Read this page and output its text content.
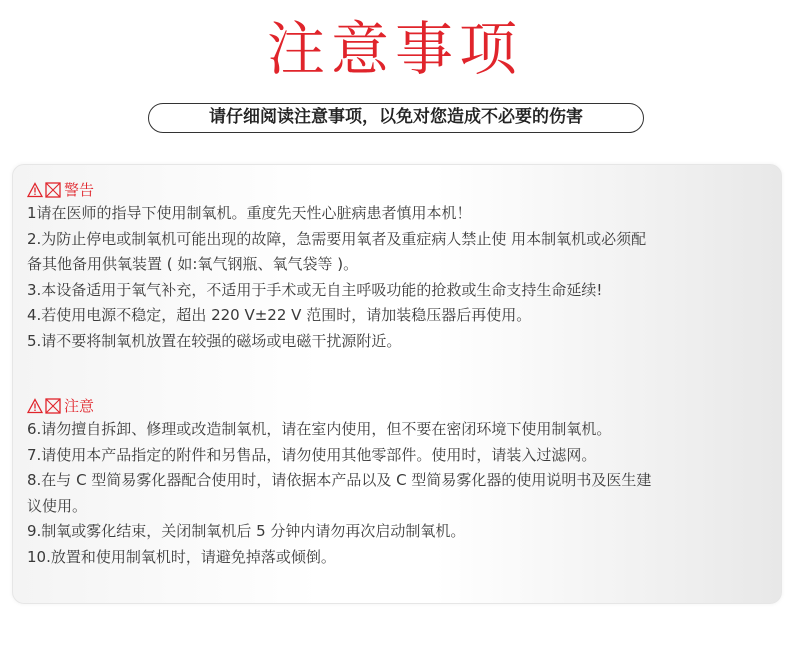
注意事项
请仔细阅读注意事项，以免对您造成不必要的伤害
警告
1请在医师的指导下使用制氧机。重度先天性心脏病患者慎用本机！
2.为防止停电或制氧机可能出现的故障，急需要用氧者及重症病人禁止使 用本制氧机或必须配
备其他备用供氧装置 ( 如:氧气钢瓶、氧气袋等 )。
3.本设备适用于氧气补充，不适用于手术或无自主呼吸功能的抢救或生命支持生命延续!
4.若使用电源不稳定，超出 220 V±22 V 范围时，请加装稳压器后再使用。
5.请不要将制氧机放置在较强的磁场或电磁干扰源附近。
注意
6.请勿擅自拆卸、修理或改造制氧机，请在室内使用，但不要在密闭环境下使用制氧机。
7.请使用本产品指定的附件和另售品，请勿使用其他零部件。使用时，请装入过滤网。
8.在与 C 型简易雾化器配合使用时，请依据本产品以及 C 型简易雾化器的使用说明书及医生建
议使用。
9.制氧或雾化结束，关闭制氧机后 5 分钟内请勿再次启动制氧机。
10.放置和使用制氧机时，请避免掉落或倾倒。
